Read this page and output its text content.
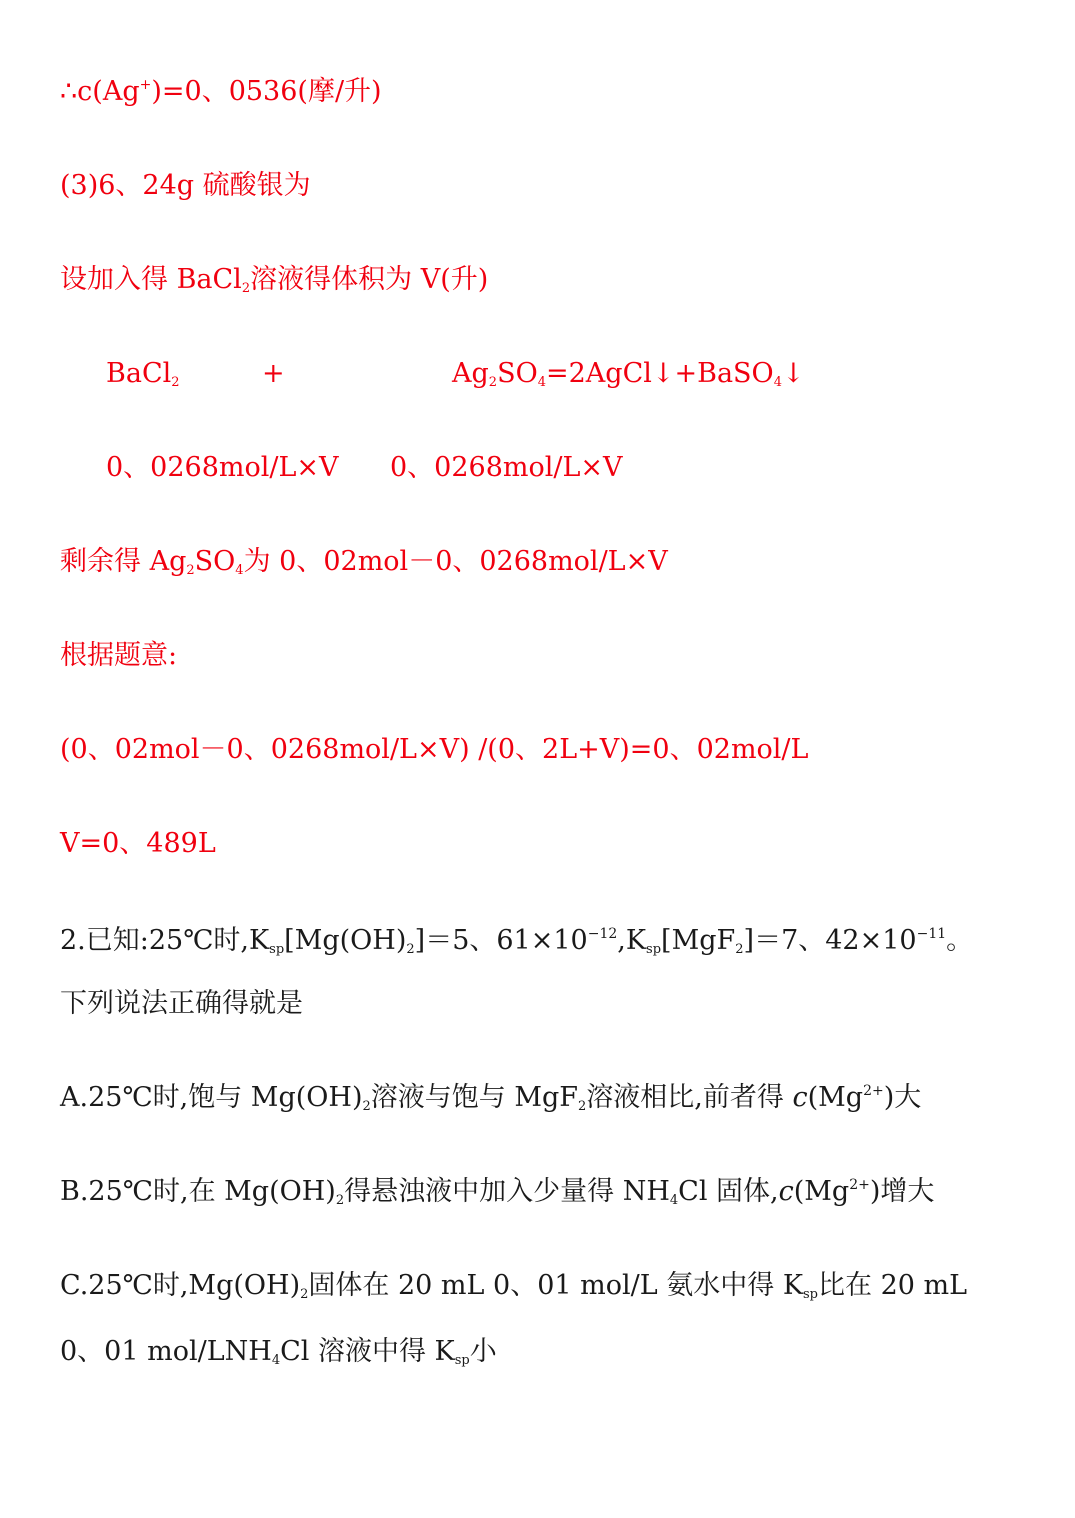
∴c(Ag+)=0、0536(摩/升)
(3)6、24g 硫酸银为
设加入得 BaCl$_2$溶液得体积为 V(升)
BaCl$_2$	+	$Ag_2SO_4=2AgCl↓+BaSO_4↓$
0、0268mol/L×V 0、0268mol/L×V
剩余得 $Ag_2SO_4$为 0、02mol－0、0268mol/L×V
根据题意:
(0、02mol－0、0268mol/L×V) /(0、2L+V)=0、02mol/L
V=0、489L
2.已知:25℃时$,K_{sp}[Mg(OH)_2]=5$、$61\times 10^{-12},K_{sp}[MgF_2]=7$、$42\times 10^{-11}$。
下列说法正确得就是
A.25℃时,饱与 $Mg(OH)_2$溶液与饱与 MgF$_2$溶液相比,前者得 $c(Mg^{2+})$大
B.25℃时,在 $Mg(OH)_2$得悬浊液中加入少量得 $NH_4Cl$ 固体$,c(Mg^{2+})$增大
C.25℃时$,Mg(OH)_2$固体在 20 mL 0、01 mol/L 氨水中得 $K_{sp}$比在 20 mL
0、01 mol/$LNH_4Cl$ 溶液中得 $K_{sp}$小
